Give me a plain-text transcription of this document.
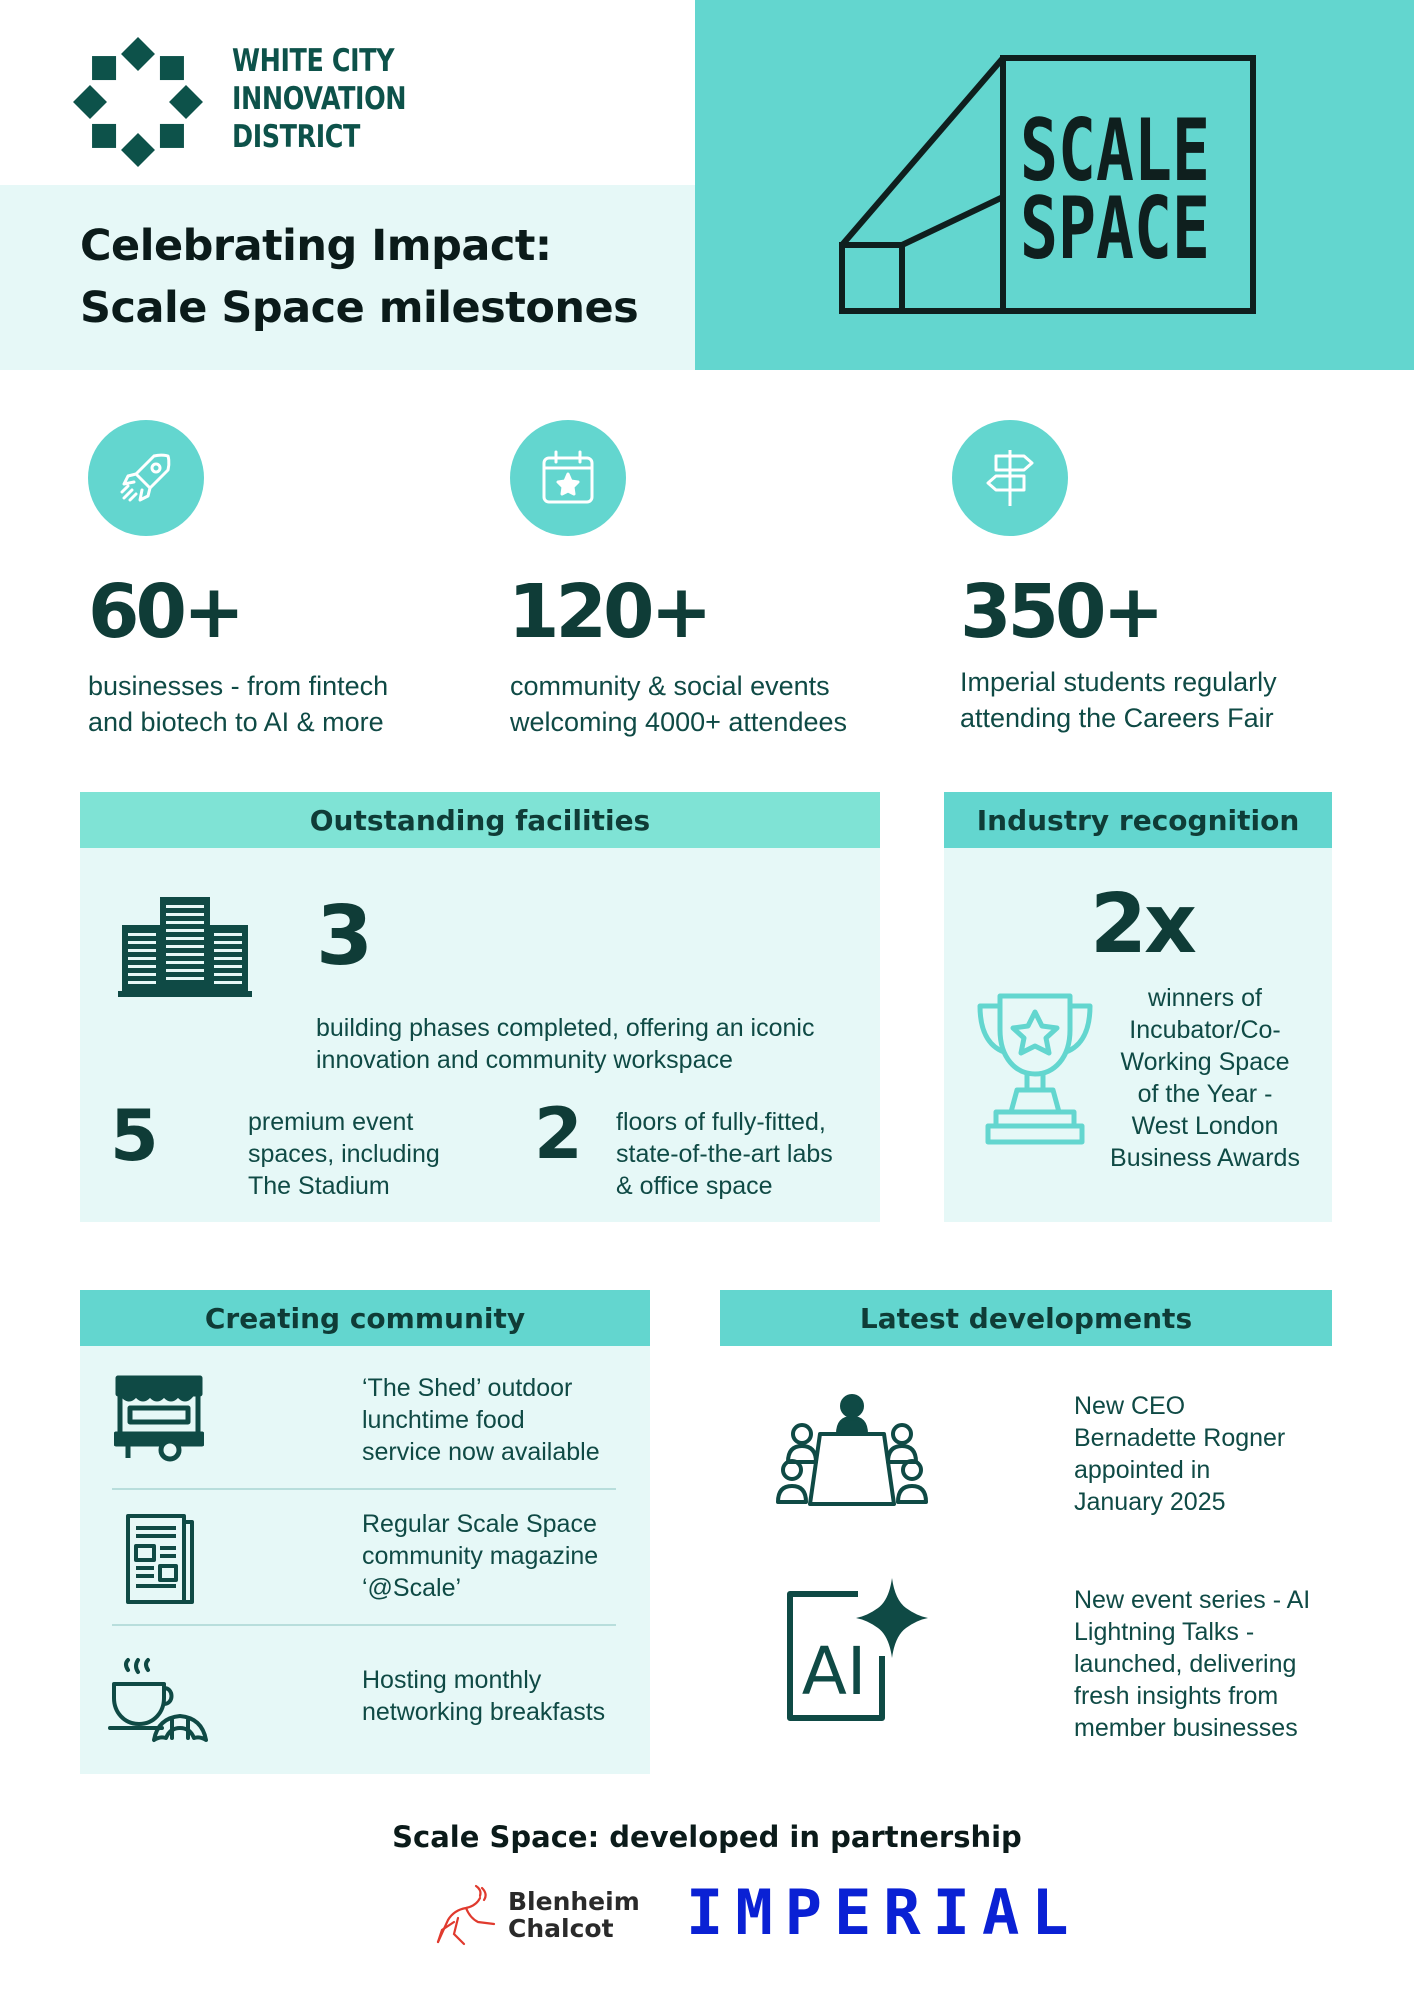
WHITE CITY
INNOVATION
DISTRICT
Celebrating Impact:
Scale Space milestones
SCALE
SPACE
60+
businesses - from fintech
and biotech to AI & more
120+
community & social events
welcoming 4000+ attendees
350+
Imperial students regularly
attending the Careers Fair
Outstanding facilities
3
building phases completed, offering an iconic
innovation and community workspace
5	premium event
spaces, including
The Stadium
2 floors of fully-fitted,
state-of-the-art labs
& office space
Industry recognition
2x
winners of
Incubator/Co-
Working Space
of the Year -
West London
Business Awards
Creating community
‘The Shed’ outdoor
lunchtime food
service now available
Regular Scale Space
community magazine
‘@Scale’
Hosting monthly
networking breakfasts
Latest developments
New CEO
Bernadette Rogner
appointed in
January 2025
AI
New event series - AI
Lightning Talks -
launched, delivering
fresh insights from
member businesses
Scale Space: developed in partnership
Blenheim
Chalcot	IMPERIAL
